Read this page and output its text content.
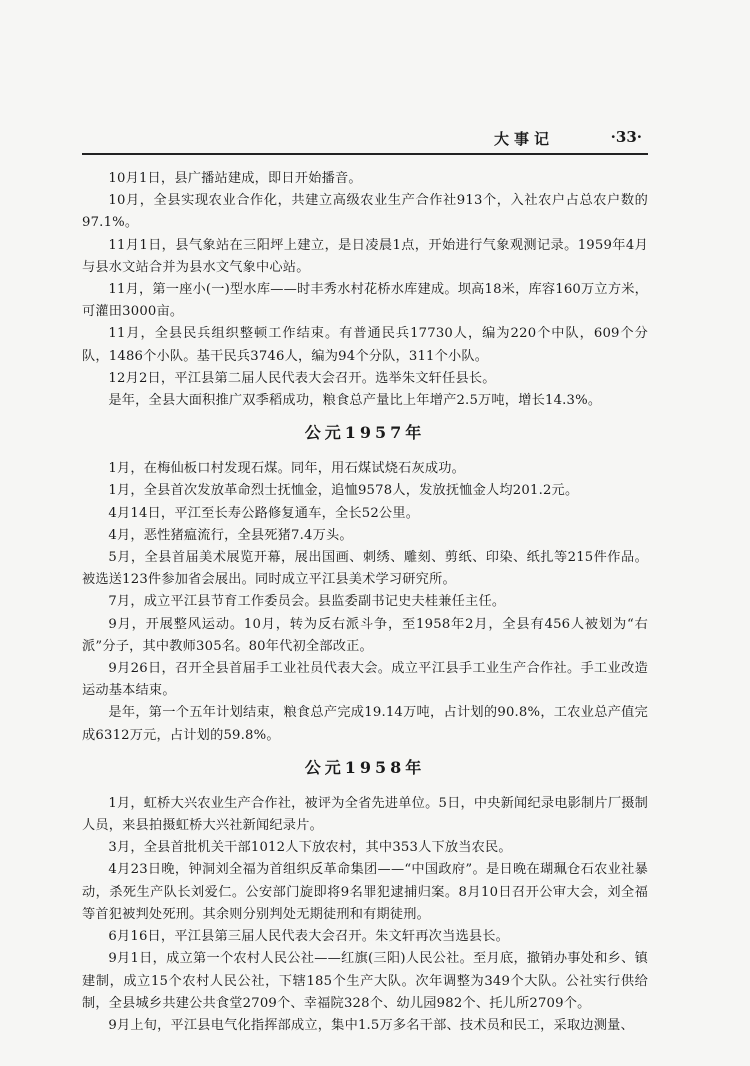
大事记	·33·

10月1日，县广播站建成，即日开始播音。

10月，全县实现农业合作化，共建立高级农业生产合作社913个，入社农户占总农户数的97.1%。

11月1日，县气象站在三阳坪上建立，是日凌晨1点，开始进行气象观测记录。1959年4月与县水文站合并为县水文气象中心站。

11月，第一座小(一)型水库——时丰秀水村花桥水库建成。坝高18米，库容160万立方米，可灌田3000亩。

11月，全县民兵组织整顿工作结束。有普通民兵17730人，编为220个中队，609个分队，1486个小队。基干民兵3746人，编为94个分队，311个小队。

12月2日，平江县第二届人民代表大会召开。选举朱文轩任县长。

是年，全县大面积推广双季稻成功，粮食总产量比上年增产2.5万吨，增长14.3%。

公元1957年

1月，在梅仙板口村发现石煤。同年，用石煤试烧石灰成功。

1月，全县首次发放革命烈士抚恤金，追恤9578人，发放抚恤金人均201.2元。

4月14日，平江至长寿公路修复通车，全长52公里。

4月，恶性猪瘟流行，全县死猪7.4万头。

5月，全县首届美术展览开幕，展出国画、刺绣、雕刻、剪纸、印染、纸扎等215件作品。被选送123件参加省会展出。同时成立平江县美术学习研究所。

7月，成立平江县节育工作委员会。县监委副书记史夫桂兼任主任。

9月，开展整风运动。10月，转为反右派斗争，至1958年2月，全县有456人被划为“右派”分子，其中教师305名。80年代初全部改正。

9月26日，召开全县首届手工业社员代表大会。成立平江县手工业生产合作社。手工业改造运动基本结束。

是年，第一个五年计划结束，粮食总产完成19.14万吨，占计划的90.8%，工农业总产值完成6312万元，占计划的59.8%。

公元1958年

1月，虹桥大兴农业生产合作社，被评为全省先进单位。5日，中央新闻纪录电影制片厂摄制人员，来县拍摄虹桥大兴社新闻纪录片。

3月，全县首批机关干部1012人下放农村，其中353人下放当农民。

4月23日晚，钟洞刘全福为首组织反革命集团——“中国政府”。是日晚在瑚珮仓石农业社暴动，杀死生产队长刘爱仁。公安部门旋即将9名罪犯逮捕归案。8月10日召开公审大会，刘全福等首犯被判处死刑。其余则分别判处无期徒刑和有期徒刑。

6月16日，平江县第三届人民代表大会召开。朱文轩再次当选县长。

9月1日，成立第一个农村人民公社——红旗(三阳)人民公社。至月底，撤销办事处和乡、镇建制，成立15个农村人民公社，下辖185个生产大队。次年调整为349个大队。公社实行供给制，全县城乡共建公共食堂2709个、幸福院328个、幼儿园982个、托儿所2709个。

9月上旬，平江县电气化指挥部成立，集中1.5万多名干部、技术员和民工，采取边测量、
